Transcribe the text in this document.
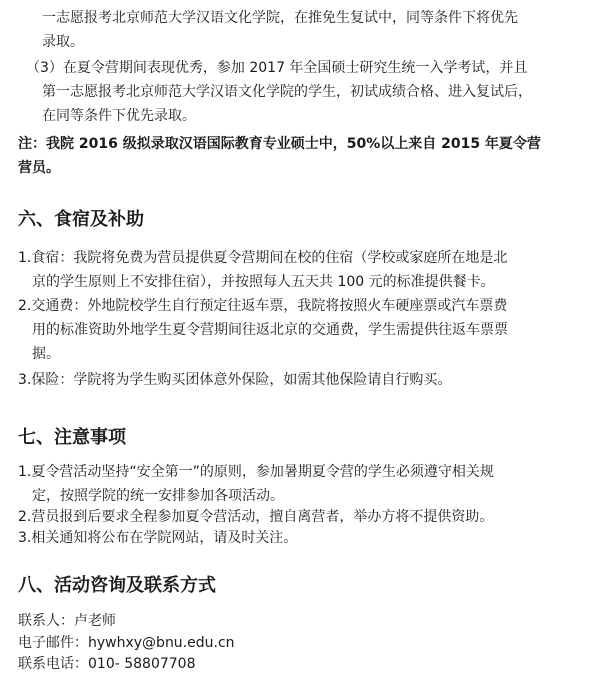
一志愿报考北京师范大学汉语文化学院，在推免生复试中，同等条件下将优先
录取。
（3）在夏令营期间表现优秀，参加 2017 年全国硕士研究生统一入学考试，并且
第一志愿报考北京师范大学汉语文化学院的学生，初试成绩合格、进入复试后，
在同等条件下优先录取。
注：我院 2016 级拟录取汉语国际教育专业硕士中，50%以上来自 2015 年夏令营
营员。
六、食宿及补助
1.食宿：我院将免费为营员提供夏令营期间在校的住宿（学校或家庭所在地是北
京的学生原则上不安排住宿），并按照每人五天共 100 元的标准提供餐卡。
2.交通费：外地院校学生自行预定往返车票，我院将按照火车硬座票或汽车票费
用的标准资助外地学生夏令营期间往返北京的交通费，学生需提供往返车票票
据。
3.保险：学院将为学生购买团体意外保险，如需其他保险请自行购买。
七、注意事项
1.夏令营活动坚持“安全第一”的原则，参加暑期夏令营的学生必须遵守相关规
定，按照学院的统一安排参加各项活动。
2.营员报到后要求全程参加夏令营活动，擅自离营者，举办方将不提供资助。
3.相关通知将公布在学院网站，请及时关注。
八、活动咨询及联系方式
联系人：卢老师
电子邮件：hywhxy@bnu.edu.cn
联系电话：010- 58807708
